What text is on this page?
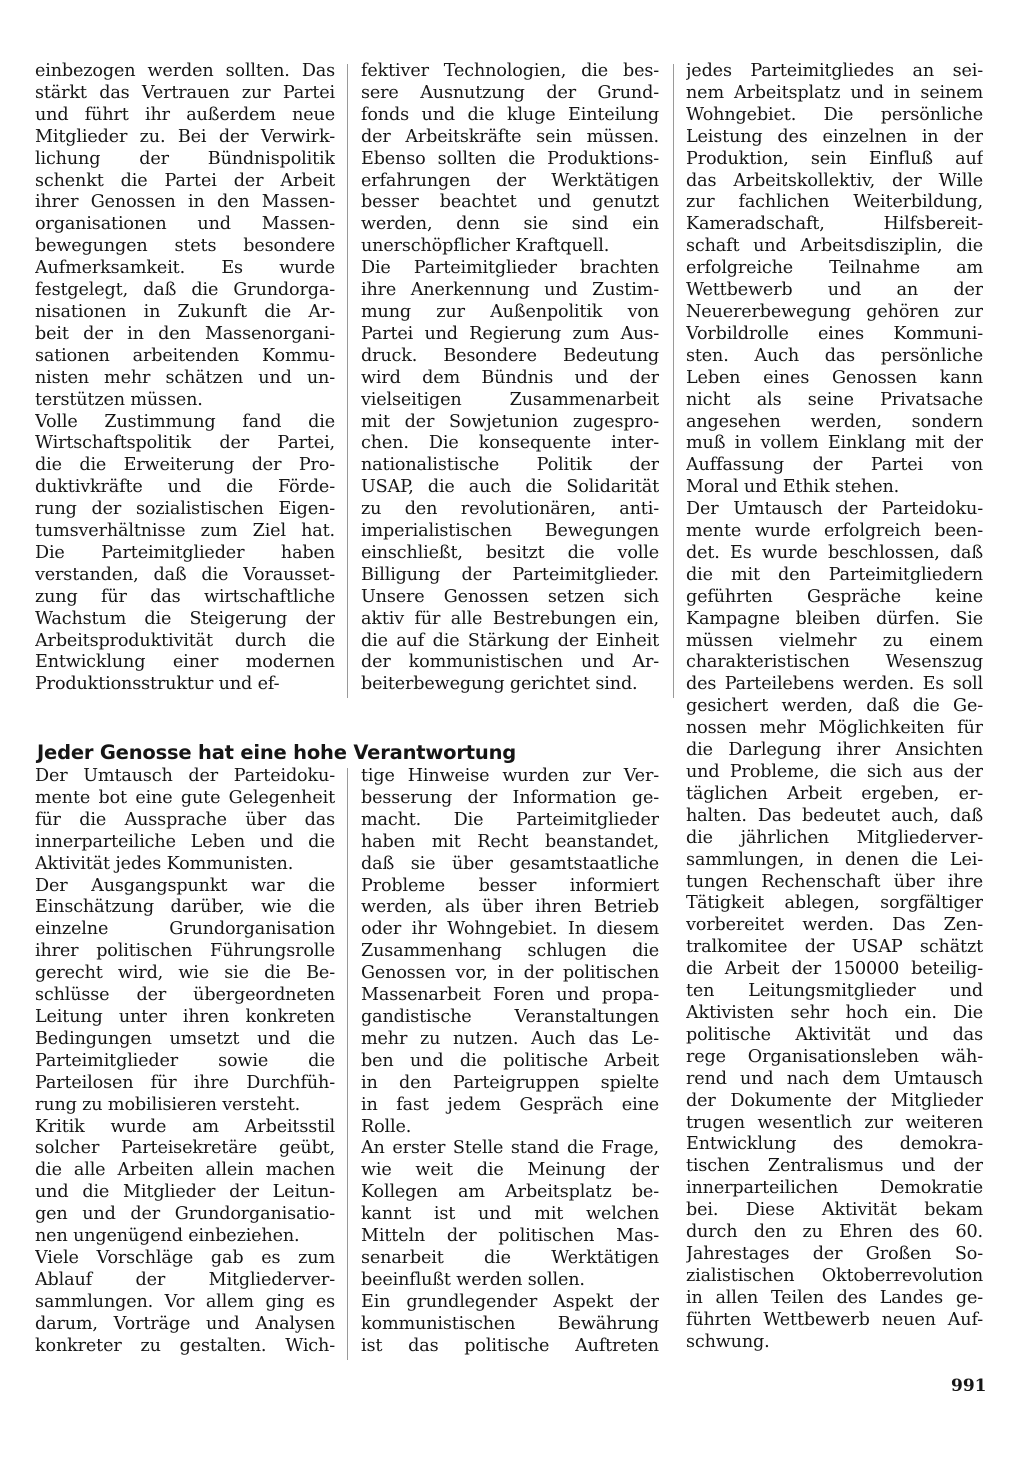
einbezogen werden sollten. Das
stärkt das Vertrauen zur Partei
und führt ihr außerdem neue
Mitglieder zu. Bei der Verwirk-
lichung der Bündnispolitik
schenkt die Partei der Arbeit
ihrer Genossen in den Massen-
organisationen und Massen-
bewegungen stets besondere
Aufmerksamkeit. Es wurde
festgelegt, daß die Grundorga-
nisationen in Zukunft die Ar-
beit der in den Massenorgani-
sationen arbeitenden Kommu-
nisten mehr schätzen und un-
terstützen müssen.
Volle Zustimmung fand die
Wirtschaftspolitik der Partei,
die die Erweiterung der Pro-
duktivkräfte und die Förde-
rung der sozialistischen Eigen-
tumsverhältnisse zum Ziel hat.
Die Parteimitglieder haben
verstanden, daß die Vorausset-
zung für das wirtschaftliche
Wachstum die Steigerung der
Arbeitsproduktivität durch die
Entwicklung einer modernen
Produktionsstruktur und ef-
fektiver Technologien, die bes-
sere Ausnutzung der Grund-
fonds und die kluge Einteilung
der Arbeitskräfte sein müssen.
Ebenso sollten die Produktions-
erfahrungen der Werktätigen
besser beachtet und genutzt
werden, denn sie sind ein
unerschöpflicher Kraftquell.
Die Parteimitglieder brachten
ihre Anerkennung und Zustim-
mung zur Außenpolitik von
Partei und Regierung zum Aus-
druck. Besondere Bedeutung
wird dem Bündnis und der
vielseitigen Zusammenarbeit
mit der Sowjetunion zugespro-
chen. Die konsequente inter-
nationalistische Politik der
USAP, die auch die Solidarität
zu den revolutionären, anti-
imperialistischen Bewegungen
einschließt, besitzt die volle
Billigung der Parteimitglieder.
Unsere Genossen setzen sich
aktiv für alle Bestrebungen ein,
die auf die Stärkung der Einheit
der kommunistischen und Ar-
beiterbewegung gerichtet sind.
jedes Parteimitgliedes an sei-
nem Arbeitsplatz und in seinem
Wohngebiet. Die persönliche
Leistung des einzelnen in der
Produktion, sein Einfluß auf
das Arbeitskollektiv, der Wille
zur fachlichen Weiterbildung,
Kameradschaft, Hilfsbereit-
schaft und Arbeitsdisziplin, die
erfolgreiche Teilnahme am
Wettbewerb und an der
Neuererbewegung gehören zur
Vorbildrolle eines Kommuni-
sten. Auch das persönliche
Leben eines Genossen kann
nicht als seine Privatsache
angesehen werden, sondern
muß in vollem Einklang mit der
Auffassung der Partei von
Moral und Ethik stehen.
Der Umtausch der Parteidoku-
mente wurde erfolgreich been-
det. Es wurde beschlossen, daß
die mit den Parteimitgliedern
geführten Gespräche keine
Kampagne bleiben dürfen. Sie
müssen vielmehr zu einem
charakteristischen Wesenszug
des Parteilebens werden. Es soll
gesichert werden, daß die Ge-
nossen mehr Möglichkeiten für
die Darlegung ihrer Ansichten
und Probleme, die sich aus der
täglichen Arbeit ergeben, er-
halten. Das bedeutet auch, daß
die jährlichen Mitgliederver-
sammlungen, in denen die Lei-
tungen Rechenschaft über ihre
Tätigkeit ablegen, sorgfältiger
vorbereitet werden. Das Zen-
tralkomitee der USAP schätzt
die Arbeit der 150000 beteilig-
ten Leitungsmitglieder und
Aktivisten sehr hoch ein. Die
politische Aktivität und das
rege Organisationsleben wäh-
rend und nach dem Umtausch
der Dokumente der Mitglieder
trugen wesentlich zur weiteren
Entwicklung des demokra-
tischen Zentralismus und der
innerparteilichen Demokratie
bei. Diese Aktivität bekam
durch den zu Ehren des 60.
Jahrestages der Großen So-
zialistischen Oktoberrevolution
in allen Teilen des Landes ge-
führten Wettbewerb neuen Auf-
schwung.
Jeder Genosse hat eine hohe Verantwortung
Der Umtausch der Parteidoku-
mente bot eine gute Gelegenheit
für die Aussprache über das
innerparteiliche Leben und die
Aktivität jedes Kommunisten.
Der Ausgangspunkt war die
Einschätzung darüber, wie die
einzelne Grundorganisation
ihrer politischen Führungsrolle
gerecht wird, wie sie die Be-
schlüsse der übergeordneten
Leitung unter ihren konkreten
Bedingungen umsetzt und die
Parteimitglieder sowie die
Parteilosen für ihre Durchfüh-
rung zu mobilisieren versteht.
Kritik wurde am Arbeitsstil
solcher Parteisekretäre geübt,
die alle Arbeiten allein machen
und die Mitglieder der Leitun-
gen und der Grundorganisatio-
nen ungenügend einbeziehen.
Viele Vorschläge gab es zum
Ablauf der Mitgliederver-
sammlungen. Vor allem ging es
darum, Vorträge und Analysen
konkreter zu gestalten. Wich-
tige Hinweise wurden zur Ver-
besserung der Information ge-
macht. Die Parteimitglieder
haben mit Recht beanstandet,
daß sie über gesamtstaatliche
Probleme besser informiert
werden, als über ihren Betrieb
oder ihr Wohngebiet. In diesem
Zusammenhang schlugen die
Genossen vor, in der politischen
Massenarbeit Foren und propa-
gandistische Veranstaltungen
mehr zu nutzen. Auch das Le-
ben und die politische Arbeit
in den Parteigruppen spielte
in fast jedem Gespräch eine
Rolle.
An erster Stelle stand die Frage,
wie weit die Meinung der
Kollegen am Arbeitsplatz be-
kannt ist und mit welchen
Mitteln der politischen Mas-
senarbeit die Werktätigen
beeinflußt werden sollen.
Ein grundlegender Aspekt der
kommunistischen Bewährung
ist das politische Auftreten
991
